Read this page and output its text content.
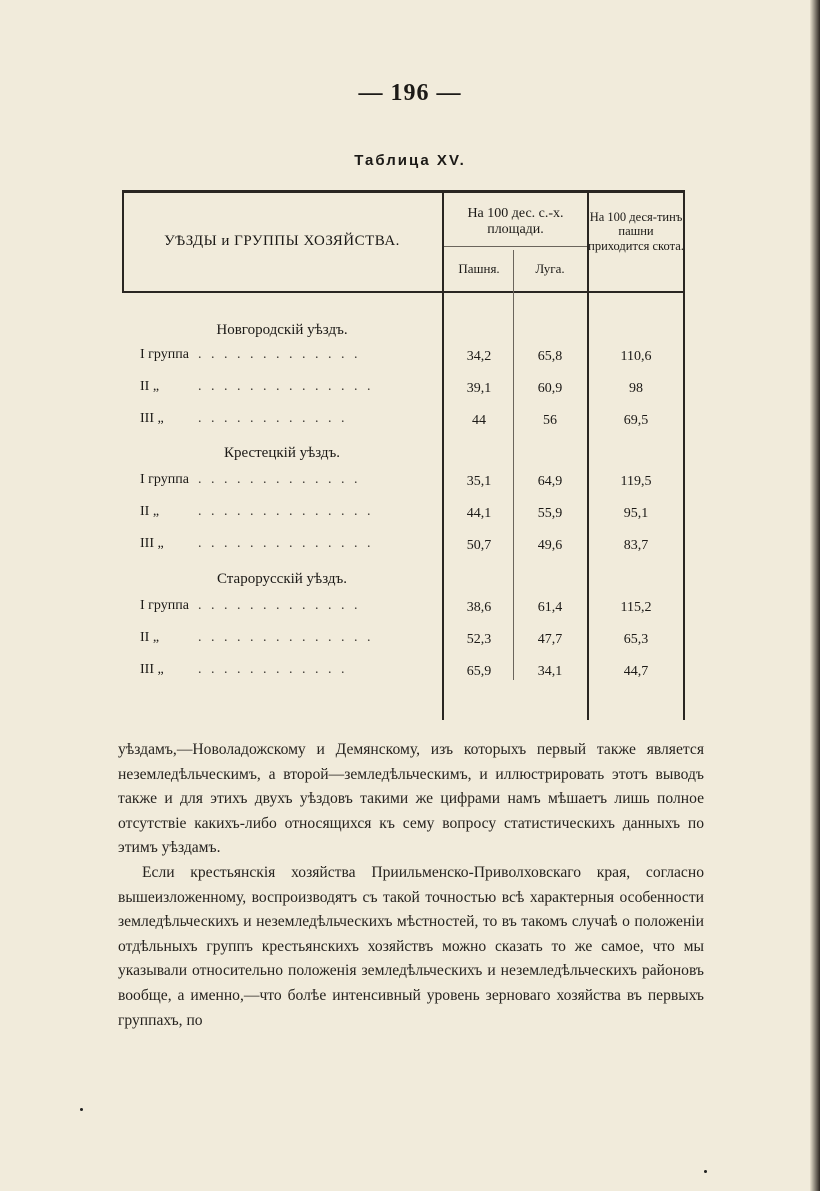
— 196 —
Таблица XV.
УѢЗДЫ и ГРУППЫ ХОЗЯЙСТВА.
На 100 дес. с.-х. площади.
Пашня.	Луга.
На 100 деся-тинъ пашни приходится скота.
Новгородскій уѣздъ.
I группа . . . . . . . . . . . . .	34,2	65,8	110,6
II „	. . . . . . . . . . . . . .	39,1	60,9	98
III „ . . . . . . . . . . . .	44	56	69,5
Крестецкій уѣздъ.
I группа . . . . . . . . . . . . .	35,1	64,9	119,5
II „	. . . . . . . . . . . . . .	44,1	55,9	95,1
III „ . . . . . . . . . . . . . .	50,7	49,6	83,7
Старорусскій уѣздъ.
I группа . . . . . . . . . . . . .	38,6	61,4	115,2
II „	. . . . . . . . . . . . . .	52,3	47,7	65,3
III „ . . . . . . . . . . . .	65,9	34,1	44,7

уѣздамъ,—Новоладожскому и Демянскому, изъ которыхъ первый также является неземледѣльческимъ, а второй—земледѣльческимъ, и иллюстрировать этотъ выводъ также и для этихъ двухъ уѣздовъ такими же цифрами намъ мѣшаетъ лишь полное отсутствіе какихъ-либо относящихся къ сему вопросу статистическихъ данныхъ по этимъ уѣздамъ.

Если крестьянскія хозяйства Приильменско-Приволховскаго края, согласно вышеизложенному, воспроизводятъ съ такой точностью всѣ характерныя особенности земледѣльческихъ и неземледѣльческихъ мѣстностей, то въ такомъ случаѣ о положеніи отдѣльныхъ группъ крестьянскихъ хозяйствъ можно сказать то же самое, что мы указывали относительно положенія земледѣльческихъ и неземледѣльческихъ районовъ вообще, а именно,—что болѣе интенсивный уровень зерноваго хозяйства въ первыхъ группахъ, по
